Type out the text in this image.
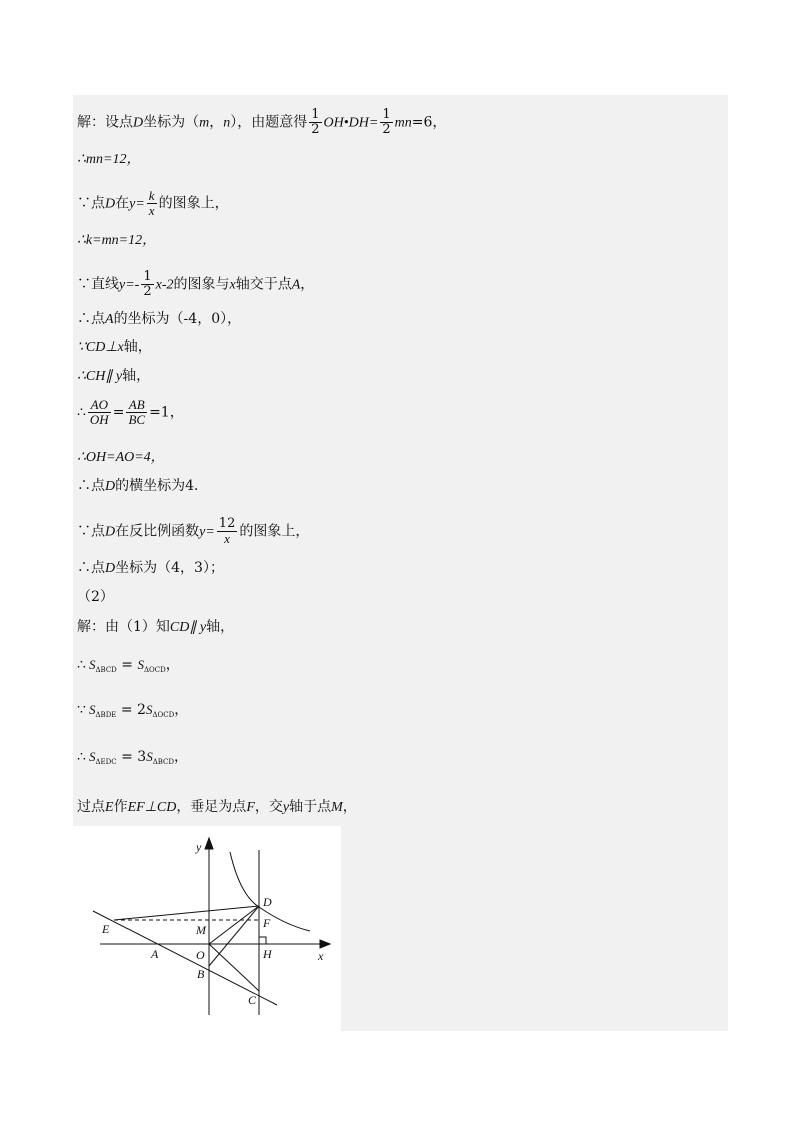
解：设点D坐标为（m，n），由题意得 $\frac{1}{2}$ OH•DH= $\frac{1}{2} mn=6$，
∴mn=12，
∵点D在$y= \frac{k}{x}$ 的图象上，
∴k=mn=12，
∵直线$y=- \frac{1}{2} x-2$的图象与x轴交于点A，
∴点A的坐标为（-4，0），
∵CD⊥x轴，
∴CH∥ y轴，
∴ $\frac{AO}{OH} = \frac{AB}{BC} =1$，
∴OH=AO=4，
∴点D的横坐标为4．
∵点D在反比例函数$y= \frac{12}{x}$ 的图象上，
∴点D坐标为（4，3）；
（2）
解：由（1）知CD∥ y轴，
∴ $S_{\Delta BCD} = S_{\Delta OCD}$，
∵ $S_{\Delta BDE} = 2S_{\Delta OCD}$，
∴ $S_{\Delta EDC} = 3S_{\Delta BCD}$，
过点E作EF⊥CD，垂足为点F，交y轴于点M，
y
x
D
E	M	F
A	O	H
B
C
